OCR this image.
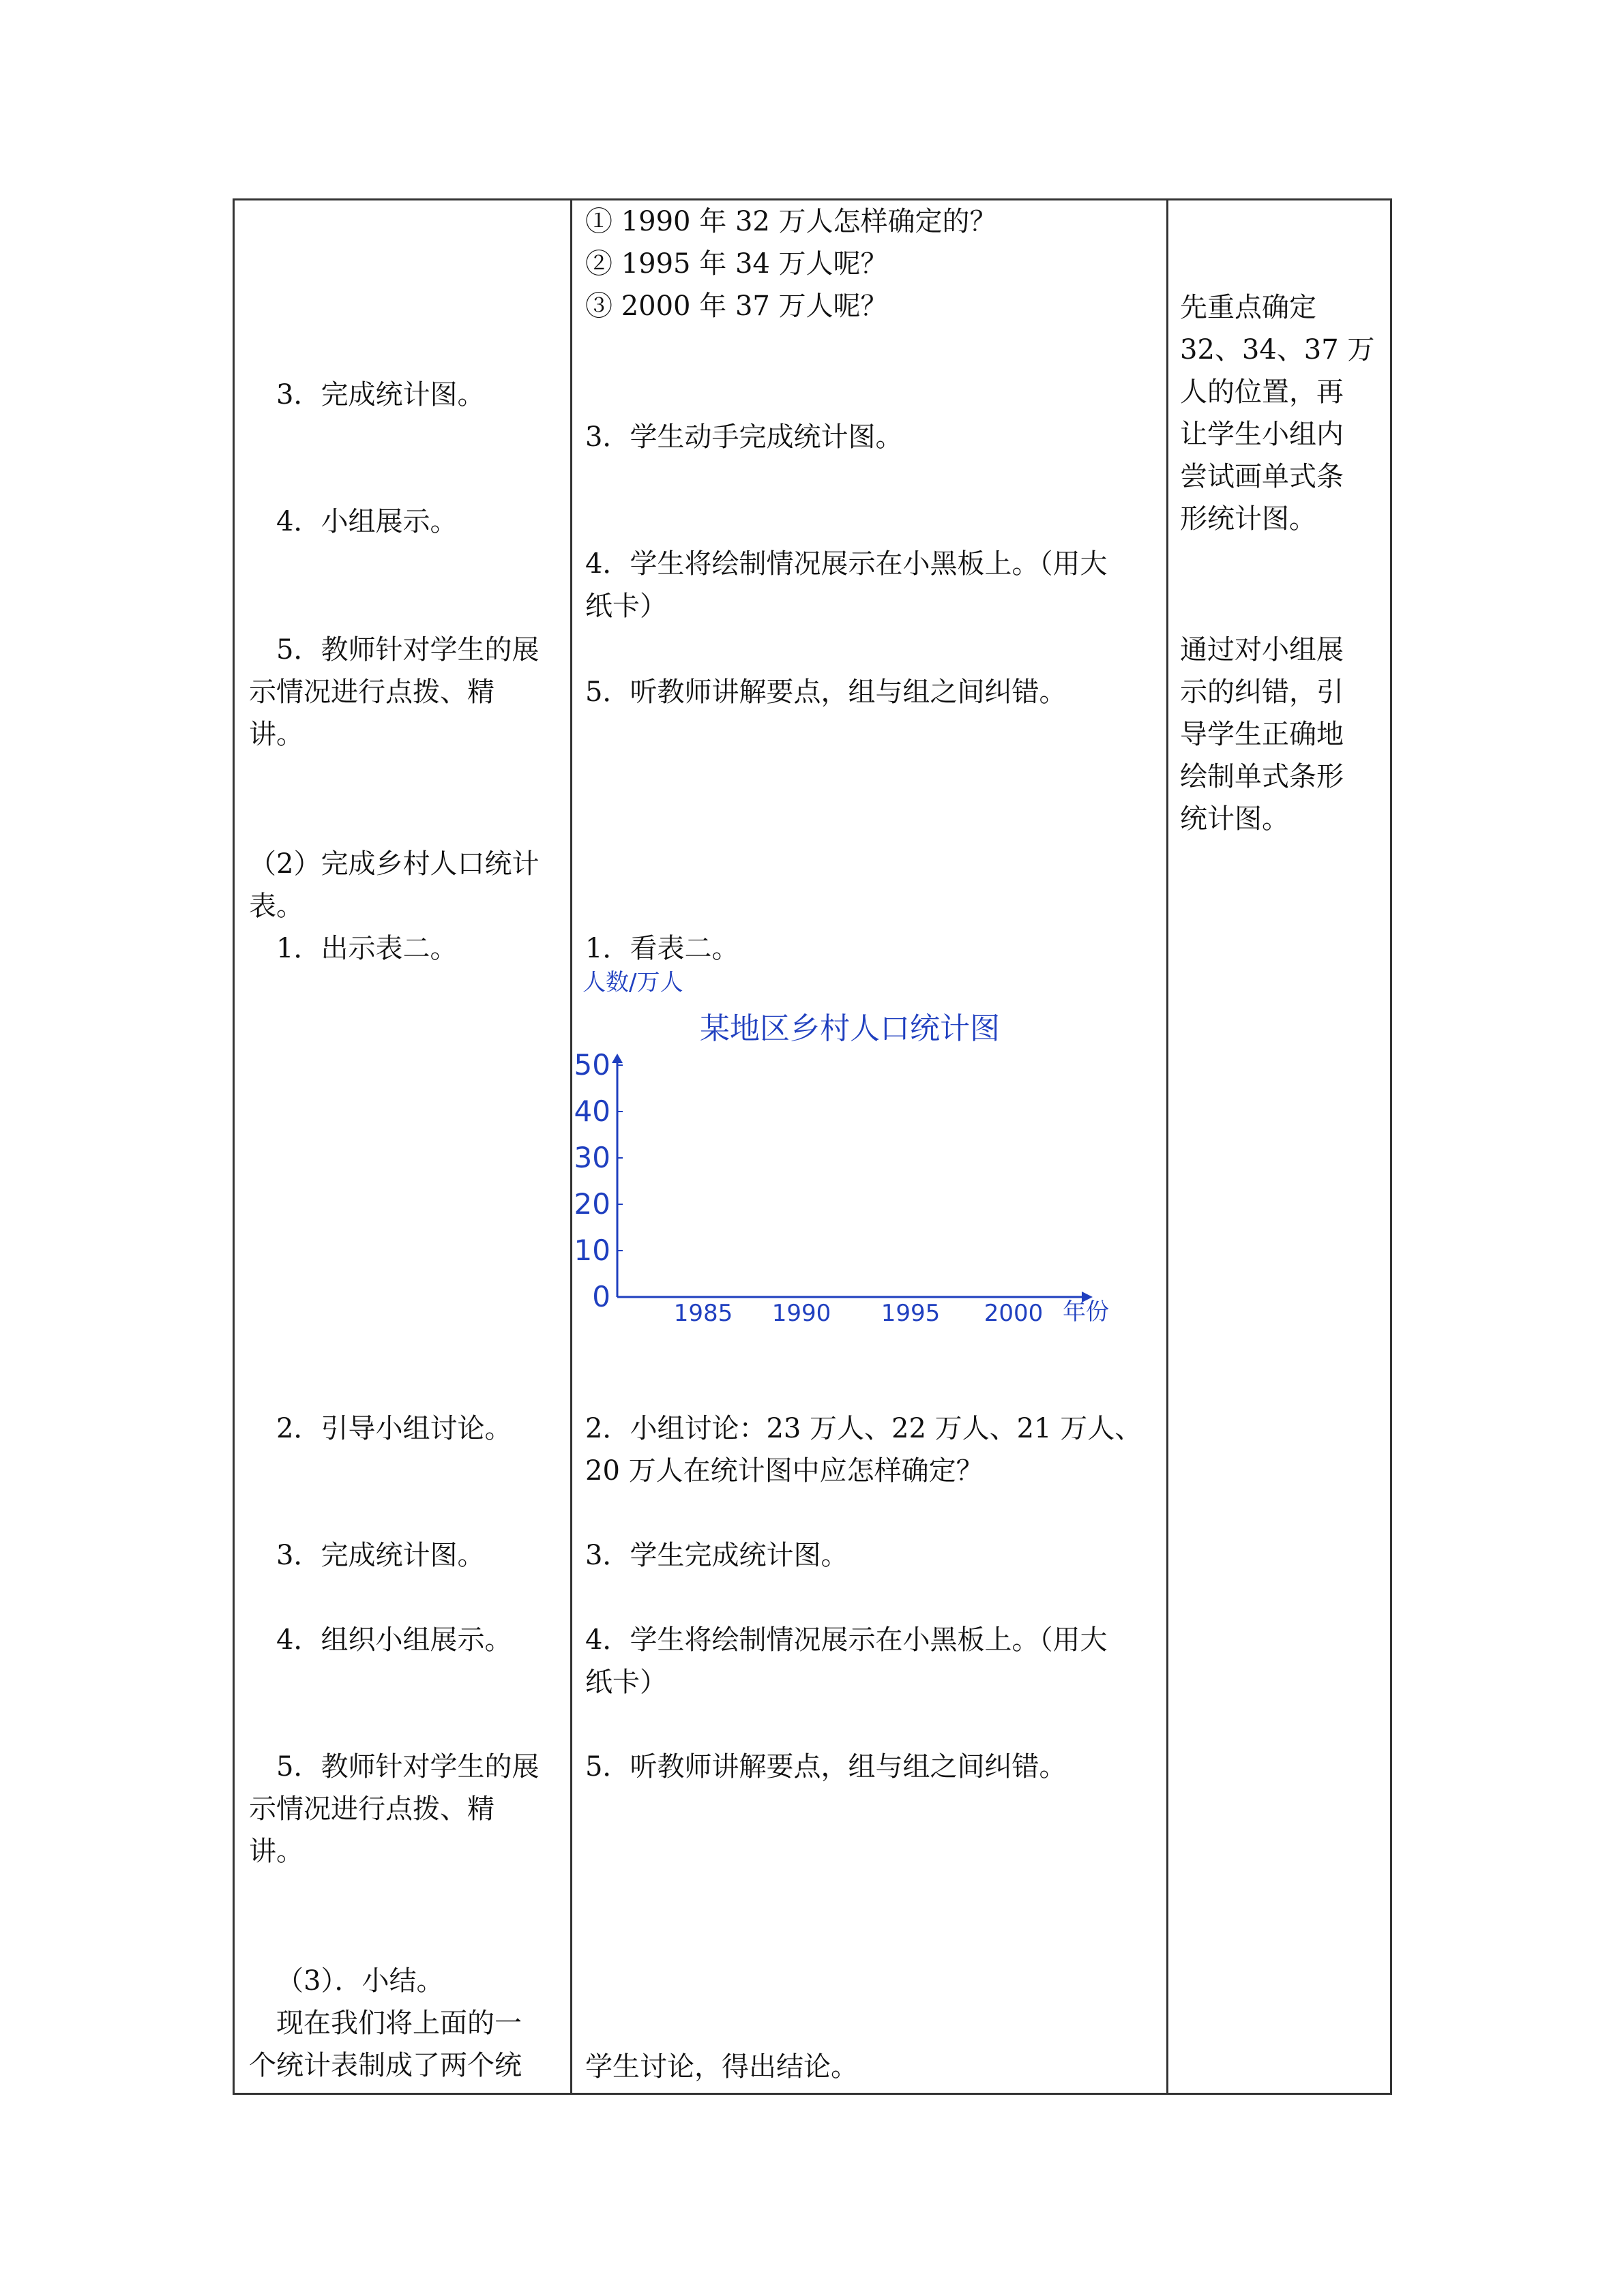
3．完成统计图。
4．小组展示。
5．教师针对学生的展
示情况进行点拨、精
讲。
（2）完成乡村人口统计
表。
1．出示表二。
2．引导小组讨论。
3．完成统计图。
4．组织小组展示。
5．教师针对学生的展
示情况进行点拨、精
讲。
（3）．小结。
现在我们将上面的一
个统计表制成了两个统
① 1990 年 32 万人怎样确定的？
② 1995 年 34 万人呢？
③ 2000 年 37 万人呢？
3．学生动手完成统计图。
4．学生将绘制情况展示在小黑板上。（用大
纸卡）
5．听教师讲解要点，组与组之间纠错。
1．看表二。
2．小组讨论：23 万人、22 万人、21 万人、
20 万人在统计图中应怎样确定？
3．学生完成统计图。
4．学生将绘制情况展示在小黑板上。（用大
纸卡）
5．听教师讲解要点，组与组之间纠错。
学生讨论，得出结论。
先重点确定
32、34、37 万
人的位置，再
让学生小组内
尝试画单式条
形统计图。
通过对小组展
示的纠错，引
导学生正确地
绘制单式条形
统计图。
人数/万人
某地区乡村人口统计图
0
10
20
30
40
50
1985 1990 1995 2000 年份
